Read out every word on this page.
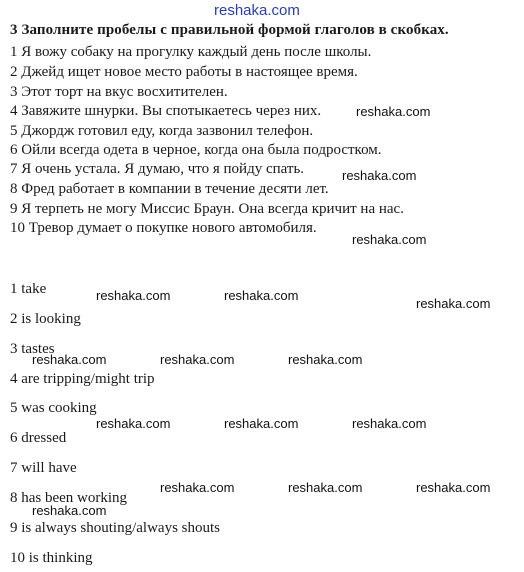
reshaka.com
3 Заполните пробелы с правильной формой глаголов в скобках.
1 Я вожу собаку на прогулку каждый день после школы.
2 Джейд ищет новое место работы в настоящее время.
3 Этот торт на вкус восхитителен.
4 Завяжите шнурки. Вы спотыкаетесь через них.
5 Джордж готовил еду, когда зазвонил телефон.
6 Ойли всегда одета в черное, когда она была подростком.
7 Я очень устала. Я думаю, что я пойду спать.
8 Фред работает в компании в течение десяти лет.
9 Я терпеть не могу Миссис Браун. Она всегда кричит на нас.
10 Тревор думает о покупке нового автомобиля.
1 take
2 is looking
3 tastes
4 are tripping/might trip
5 was cooking
6 dressed
7 will have
8 has been working
9 is always shouting/always shouts
10 is thinking
reshaka.com
reshaka.com
reshaka.com
reshaka.com	reshaka.com
reshaka.com
reshaka.com	reshaka.com	reshaka.com
reshaka.com	reshaka.com	reshaka.com
reshaka.com	reshaka.com	reshaka.com
reshaka.com
